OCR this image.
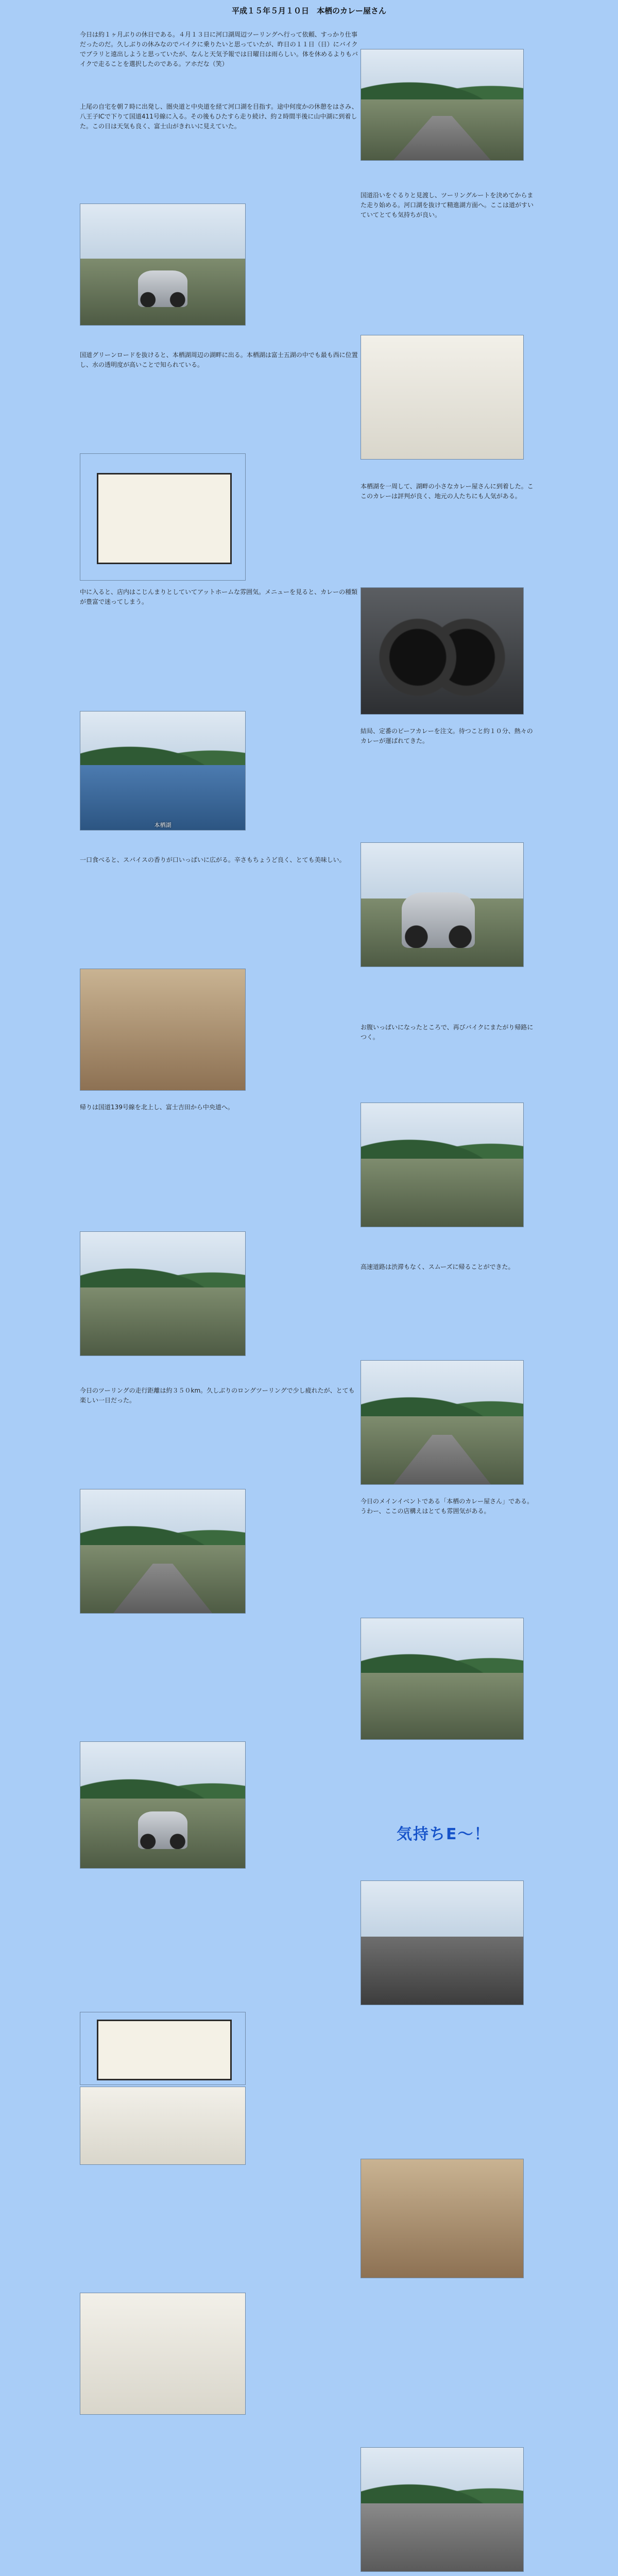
平成１５年５月１０日　本栖のカレー屋さん
今日は約１ヶ月ぶりの休日である。４月１３日に河口湖周辺ツーリングへ行って依頼、すっかり仕事だったのだ。久しぶりの休みなのでバイクに乗りたいと思っていたが、昨日の１１日（日）にバイクでブラリと遠出しようと思っていたが、なんと天気予報では日曜日は雨らしい。体を休めるよりもバイクで走ることを選択したのである。アホだな（笑）
上尾の自宅を朝７時に出発し、圏央道と中央道を経て河口湖を目指す。途中何度かの休憩をはさみ、八王子ICで下りて国道411号線に入る。その後もひたすら走り続け、約２時間半後に山中湖に到着した。この日は天気も良く、富士山がきれいに見えていた。
国道沿いをぐるりと見渡し、ツーリングルートを決めてからまた走り始める。河口湖を抜けて精進湖方面へ。ここは道がすいていてとても気持ちが良い。
国道グリーンロードを抜けると、本栖湖周辺の湖畔に出る。本栖湖は富士五湖の中でも最も西に位置し、水の透明度が高いことで知られている。
本栖湖を一周して、湖畔の小さなカレー屋さんに到着した。ここのカレーは評判が良く、地元の人たちにも人気がある。
中に入ると、店内はこじんまりとしていてアットホームな雰囲気。メニューを見ると、カレーの種類が豊富で迷ってしまう。
本栖湖
結局、定番のビーフカレーを注文。待つこと約１０分、熱々のカレーが運ばれてきた。
一口食べると、スパイスの香りが口いっぱいに広がる。辛さもちょうど良く、とても美味しい。
お腹いっぱいになったところで、再びバイクにまたがり帰路につく。
帰りは国道139号線を北上し、富士吉田から中央道へ。
高速道路は渋滞もなく、スムーズに帰ることができた。
今日のツーリングの走行距離は約３５０km。久しぶりのロングツーリングで少し疲れたが、とても楽しい一日だった。
今日のメインイベントである「本栖のカレー屋さん」である。うわー、ここの店構えはとても雰囲気がある。
気持ちE〜！
